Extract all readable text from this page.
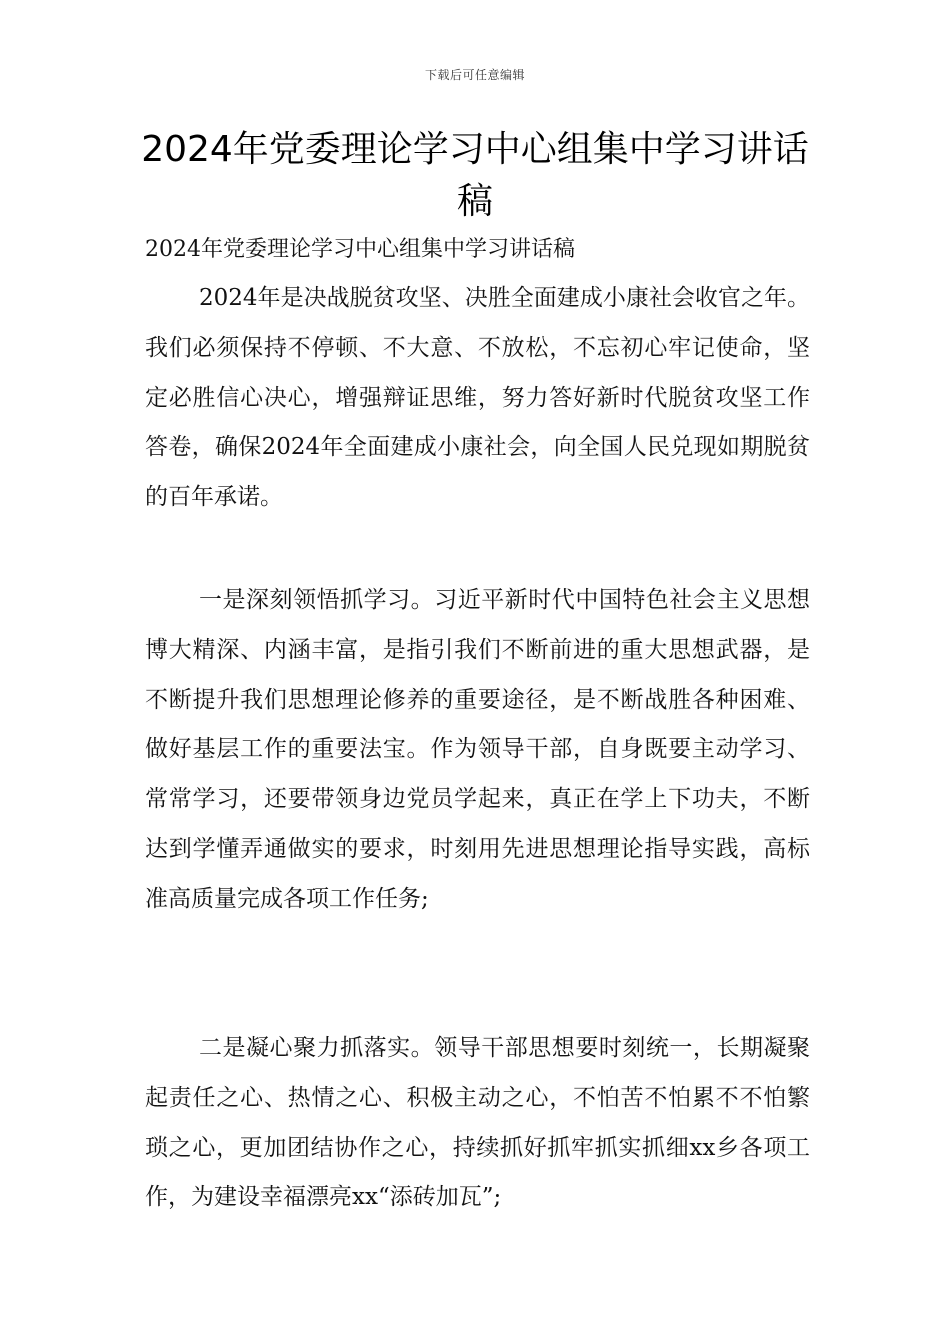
下载后可任意编辑
2024年党委理论学习中心组集中学习讲话稿
2024年党委理论学习中心组集中学习讲话稿

2024年是决战脱贫攻坚、决胜全面建成小康社会收官之年。我们必须保持不停顿、不大意、不放松，不忘初心牢记使命，坚定必胜信心决心，增强辩证思维，努力答好新时代脱贫攻坚工作答卷，确保2024年全面建成小康社会，向全国人民兑现如期脱贫的百年承诺。

一是深刻领悟抓学习。习近平新时代中国特色社会主义思想博大精深、内涵丰富，是指引我们不断前进的重大思想武器，是不断提升我们思想理论修养的重要途径，是不断战胜各种困难、做好基层工作的重要法宝。作为领导干部，自身既要主动学习、常常学习，还要带领身边党员学起来，真正在学上下功夫，不断达到学懂弄通做实的要求，时刻用先进思想理论指导实践，高标准高质量完成各项工作任务;

二是凝心聚力抓落实。领导干部思想要时刻统一，长期凝聚起责任之心、热情之心、积极主动之心，不怕苦不怕累不不怕繁琐之心，更加团结协作之心，持续抓好抓牢抓实抓细xx乡各项工作，为建设幸福漂亮xx“添砖加瓦”;
